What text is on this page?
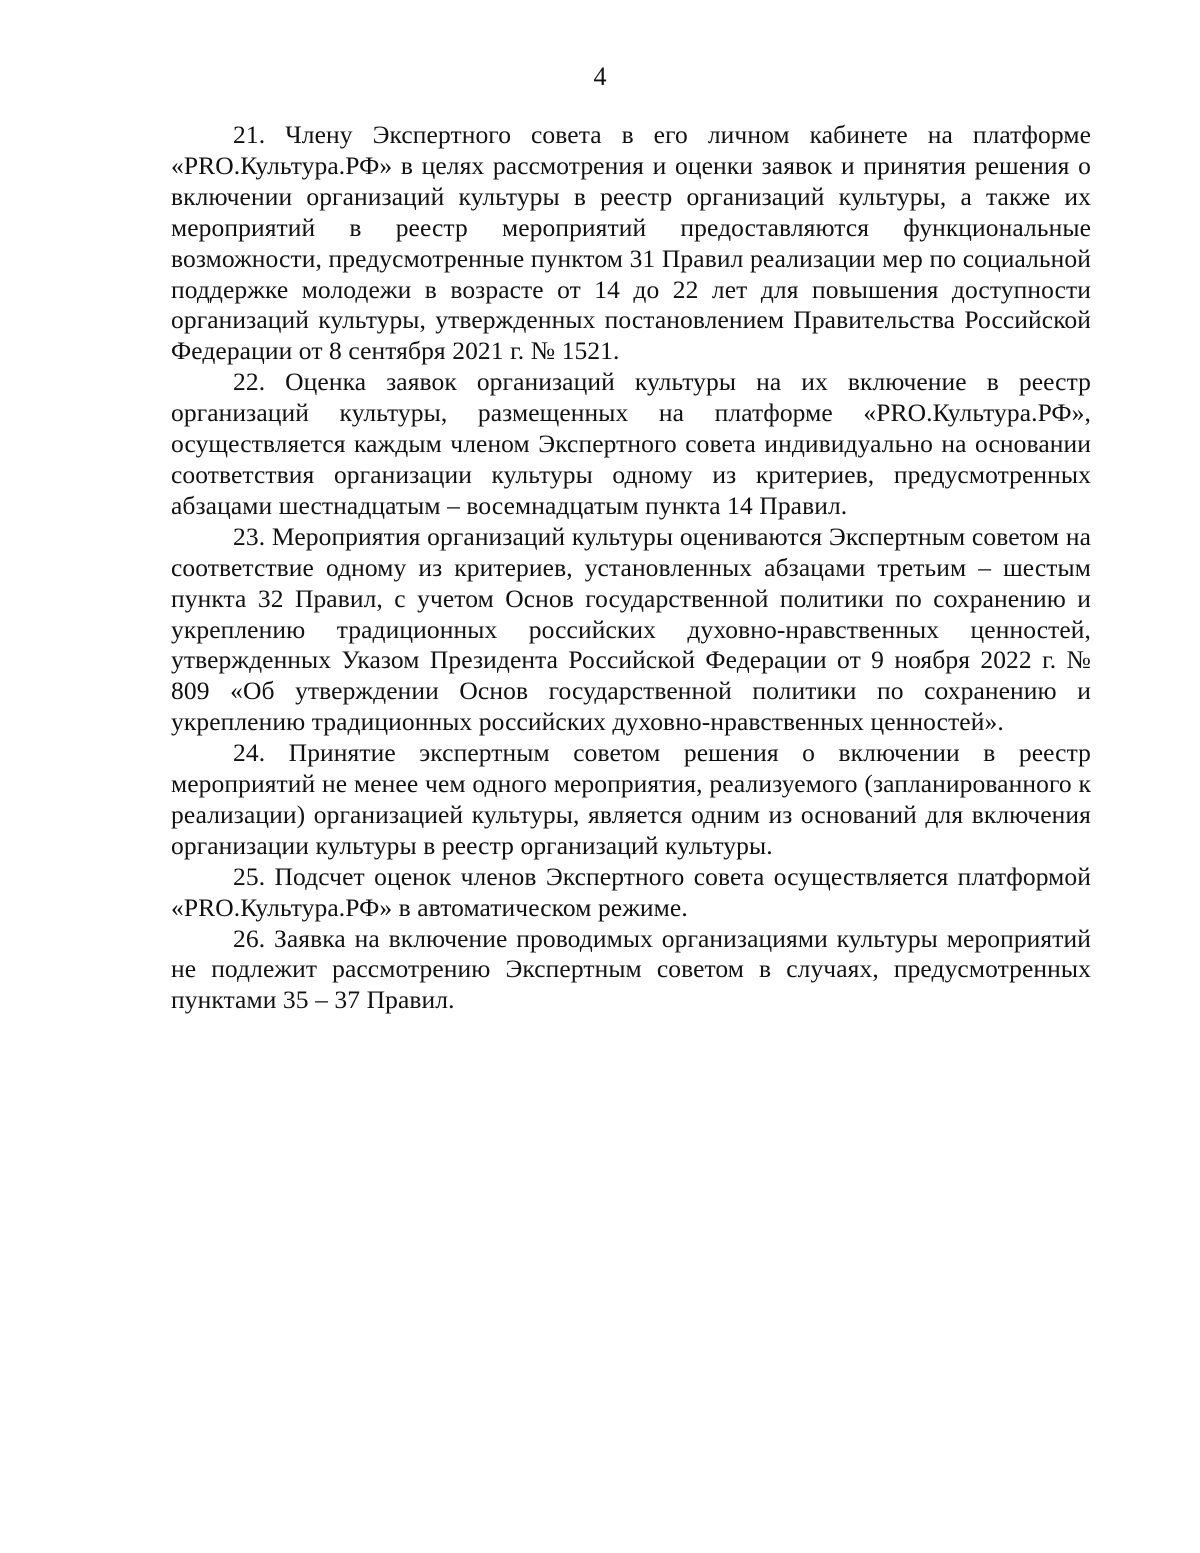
4

21. Члену Экспертного совета в его личном кабинете на платформе «PRO.Культура.РФ» в целях рассмотрения и оценки заявок и принятия решения о включении организаций культуры в реестр организаций культуры, а также их мероприятий в реестр мероприятий предоставляются функциональные возможности, предусмотренные пунктом 31 Правил реализации мер по социальной поддержке молодежи в возрасте от 14 до 22 лет для повышения доступности организаций культуры, утвержденных постановлением Правительства Российской Федерации от 8 сентября 2021 г. № 1521.

22. Оценка заявок организаций культуры на их включение в реестр организаций культуры, размещенных на платформе «PRO.Культура.РФ», осуществляется каждым членом Экспертного совета индивидуально на основании соответствия организации культуры одному из критериев, предусмотренных абзацами шестнадцатым – восемнадцатым пункта 14 Правил.

23. Мероприятия организаций культуры оцениваются Экспертным советом на соответствие одному из критериев, установленных абзацами третьим – шестым пункта 32 Правил, с учетом Основ государственной политики по сохранению и укреплению традиционных российских духовно-нравственных ценностей, утвержденных Указом Президента Российской Федерации от 9 ноября 2022 г. № 809 «Об утверждении Основ государственной политики по сохранению и укреплению традиционных российских духовно-нравственных ценностей».

24. Принятие экспертным советом решения о включении в реестр мероприятий не менее чем одного мероприятия, реализуемого (запланированного к реализации) организацией культуры, является одним из оснований для включения организации культуры в реестр организаций культуры.

25. Подсчет оценок членов Экспертного совета осуществляется платформой «PRO.Культура.РФ» в автоматическом режиме.

26. Заявка на включение проводимых организациями культуры мероприятий не подлежит рассмотрению Экспертным советом в случаях, предусмотренных пунктами 35 – 37 Правил.
